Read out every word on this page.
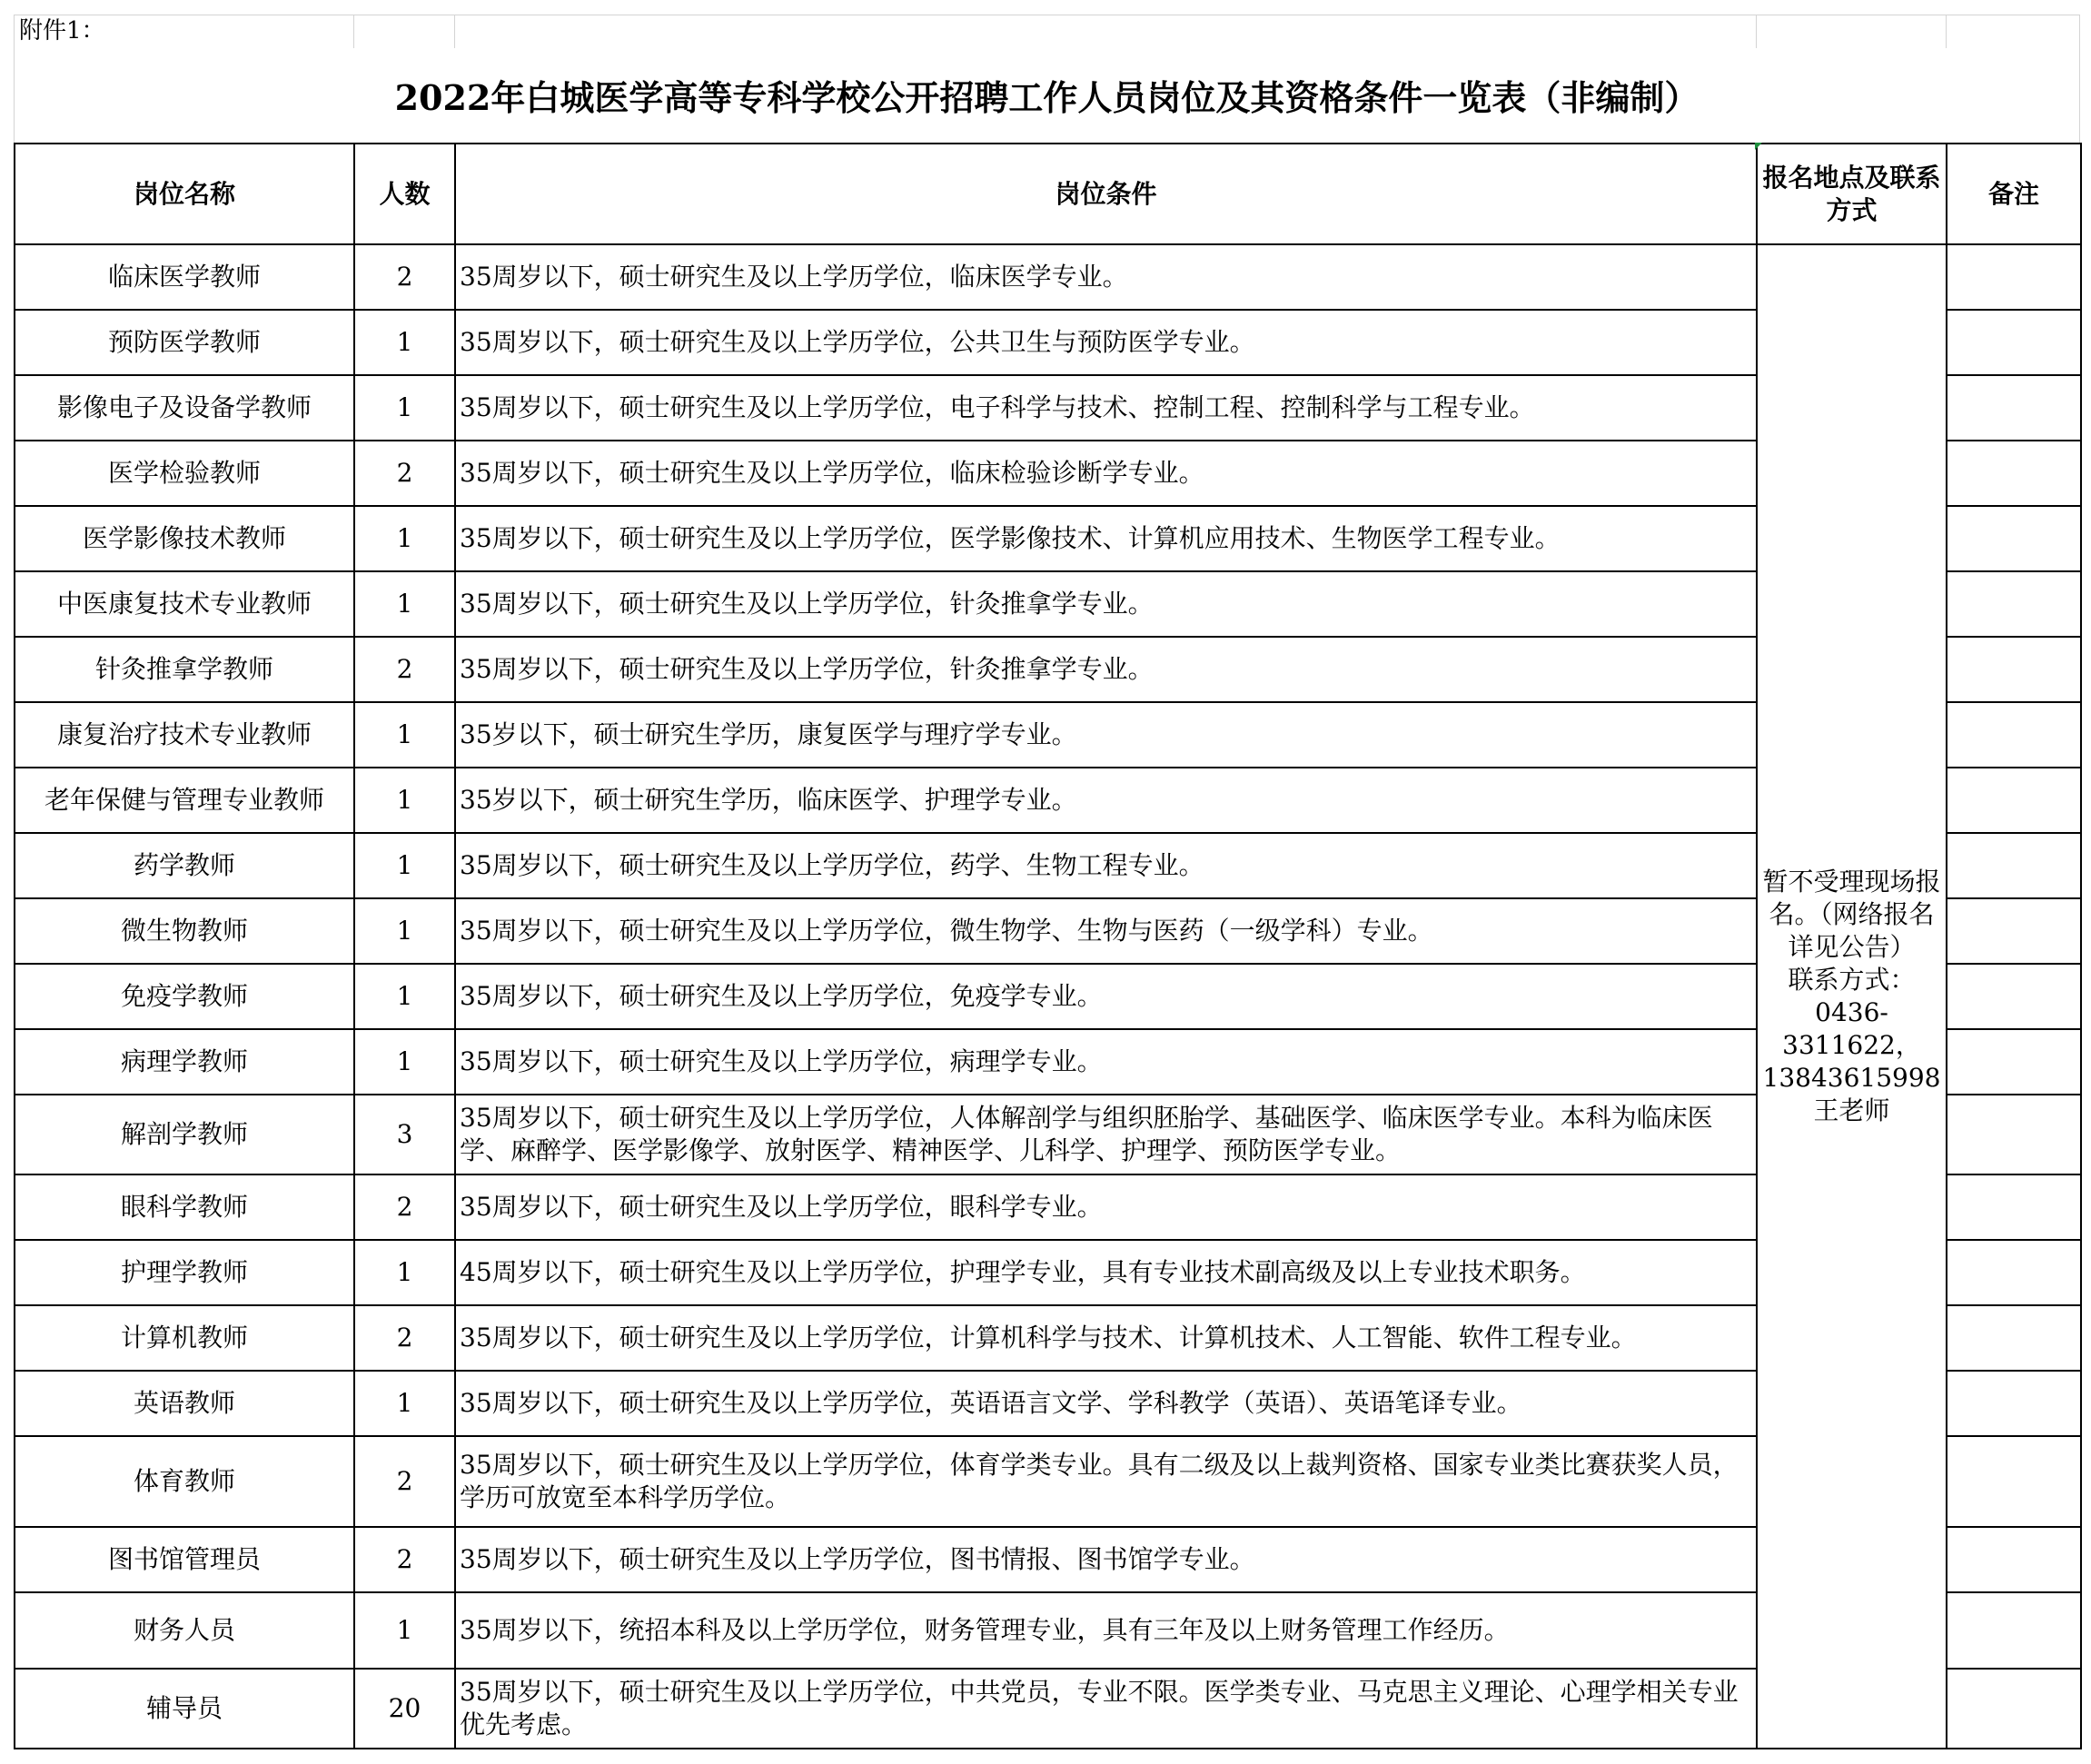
附件1：
2022年白城医学高等专科学校公开招聘工作人员岗位及其资格条件一览表（非编制）
岗位名称	人数	岗位条件	报名地点及联系方式	备注
临床医学教师	2	35周岁以下，硕士研究生及以上学历学位，临床医学专业。	暂不受理现场报名。（网络报名详见公告）
联系方式：0436-3311622，13843615998王老师	
预防医学教师	1	35周岁以下，硕士研究生及以上学历学位，公共卫生与预防医学专业。		
影像电子及设备学教师	1	35周岁以下，硕士研究生及以上学历学位，电子科学与技术、控制工程、控制科学与工程专业。		
医学检验教师	2	35周岁以下，硕士研究生及以上学历学位，临床检验诊断学专业。		
医学影像技术教师	1	35周岁以下，硕士研究生及以上学历学位，医学影像技术、计算机应用技术、生物医学工程专业。		
中医康复技术专业教师	1	35周岁以下，硕士研究生及以上学历学位，针灸推拿学专业。		
针灸推拿学教师	2	35周岁以下，硕士研究生及以上学历学位，针灸推拿学专业。		
康复治疗技术专业教师	1	35岁以下，硕士研究生学历，康复医学与理疗学专业。		
老年保健与管理专业教师	1	35岁以下，硕士研究生学历，临床医学、护理学专业。		
药学教师	1	35周岁以下，硕士研究生及以上学历学位，药学、生物工程专业。		
微生物教师	1	35周岁以下，硕士研究生及以上学历学位，微生物学、生物与医药（一级学科）专业。		
免疫学教师	1	35周岁以下，硕士研究生及以上学历学位，免疫学专业。		
病理学教师	1	35周岁以下，硕士研究生及以上学历学位，病理学专业。		
解剖学教师	3	35周岁以下，硕士研究生及以上学历学位，人体解剖学与组织胚胎学、基础医学、临床医学专业。本科为临床医学、麻醉学、医学影像学、放射医学、精神医学、儿科学、护理学、预防医学专业。		
眼科学教师	2	35周岁以下，硕士研究生及以上学历学位，眼科学专业。		
护理学教师	1	45周岁以下，硕士研究生及以上学历学位，护理学专业，具有专业技术副高级及以上专业技术职务。		
计算机教师	2	35周岁以下，硕士研究生及以上学历学位，计算机科学与技术、计算机技术、人工智能、软件工程专业。		
英语教师	1	35周岁以下，硕士研究生及以上学历学位，英语语言文学、学科教学（英语）、英语笔译专业。		
体育教师	2	35周岁以下，硕士研究生及以上学历学位，体育学类专业。具有二级及以上裁判资格、国家专业类比赛获奖人员，学历可放宽至本科学历学位。		
图书馆管理员	2	35周岁以下，硕士研究生及以上学历学位，图书情报、图书馆学专业。		
财务人员	1	35周岁以下，统招本科及以上学历学位，财务管理专业，具有三年及以上财务管理工作经历。		
辅导员	20	35周岁以下，硕士研究生及以上学历学位，中共党员，专业不限。医学类专业、马克思主义理论、心理学相关专业优先考虑。		
